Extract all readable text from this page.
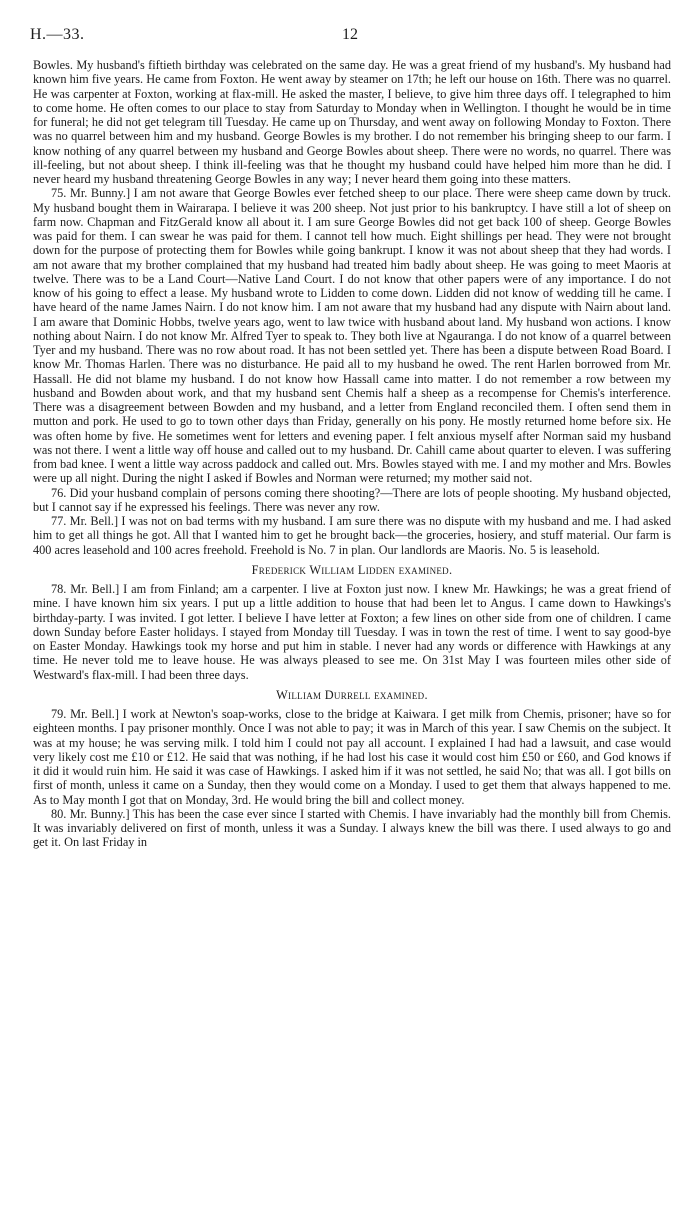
H.—33.	12

Bowles. My husband's fiftieth birthday was celebrated on the same day. He was a great friend of my husband's. My husband had known him five years. He came from Foxton. He went away by steamer on 17th; he left our house on 16th. There was no quarrel. He was carpenter at Foxton, working at flax-mill. He asked the master, I believe, to give him three days off. I telegraphed to him to come home. He often comes to our place to stay from Saturday to Monday when in Wellington. I thought he would be in time for funeral; he did not get telegram till Tuesday. He came up on Thursday, and went away on following Monday to Foxton. There was no quarrel between him and my husband. George Bowles is my brother. I do not remember his bringing sheep to our farm. I know nothing of any quarrel between my husband and George Bowles about sheep. There were no words, no quarrel. There was ill-feeling, but not about sheep. I think ill-feeling was that he thought my husband could have helped him more than he did. I never heard my husband threatening George Bowles in any way; I never heard them going into these matters.

75. Mr. Bunny.] I am not aware that George Bowles ever fetched sheep to our place. There were sheep came down by truck. My husband bought them in Wairarapa. I believe it was 200 sheep. Not just prior to his bankruptcy. I have still a lot of sheep on farm now. Chapman and FitzGerald know all about it. I am sure George Bowles did not get back 100 of sheep. George Bowles was paid for them. I can swear he was paid for them. I cannot tell how much. Eight shillings per head. They were not brought down for the purpose of protecting them for Bowles while going bankrupt. I know it was not about sheep that they had words. I am not aware that my brother complained that my husband had treated him badly about sheep. He was going to meet Maoris at twelve. There was to be a Land Court—Native Land Court. I do not know that other papers were of any importance. I do not know of his going to effect a lease. My husband wrote to Lidden to come down. Lidden did not know of wedding till he came. I have heard of the name James Nairn. I do not know him. I am not aware that my husband had any dispute with Nairn about land. I am aware that Dominic Hobbs, twelve years ago, went to law twice with husband about land. My husband won actions. I know nothing about Nairn. I do not know Mr. Alfred Tyer to speak to. They both live at Ngauranga. I do not know of a quarrel between Tyer and my husband. There was no row about road. It has not been settled yet. There has been a dispute between Road Board. I know Mr. Thomas Harlen. There was no disturbance. He paid all to my husband he owed. The rent Harlen borrowed from Mr. Hassall. He did not blame my husband. I do not know how Hassall came into matter. I do not remember a row between my husband and Bowden about work, and that my husband sent Chemis half a sheep as a recompense for Chemis's interference. There was a disagreement between Bowden and my husband, and a letter from England reconciled them. I often send them in mutton and pork. He used to go to town other days than Friday, generally on his pony. He mostly returned home before six. He was often home by five. He sometimes went for letters and evening paper. I felt anxious myself after Norman said my husband was not there. I went a little way off house and called out to my husband. Dr. Cahill came about quarter to eleven. I was suffering from bad knee. I went a little way across paddock and called out. Mrs. Bowles stayed with me. I and my mother and Mrs. Bowles were up all night. During the night I asked if Bowles and Norman were returned; my mother said not.

76. Did your husband complain of persons coming there shooting?—There are lots of people shooting. My husband objected, but I cannot say if he expressed his feelings. There was never any row.

77. Mr. Bell.] I was not on bad terms with my husband. I am sure there was no dispute with my husband and me. I had asked him to get all things he got. All that I wanted him to get he brought back—the groceries, hosiery, and stuff material. Our farm is 400 acres leasehold and 100 acres freehold. Freehold is No. 7 in plan. Our landlords are Maoris. No. 5 is leasehold.

Frederick William Lidden examined.

78. Mr. Bell.] I am from Finland; am a carpenter. I live at Foxton just now. I knew Mr. Hawkings; he was a great friend of mine. I have known him six years. I put up a little addition to house that had been let to Angus. I came down to Hawkings's birthday-party. I was invited. I got letter. I believe I have letter at Foxton; a few lines on other side from one of children. I came down Sunday before Easter holidays. I stayed from Monday till Tuesday. I was in town the rest of time. I went to say good-bye on Easter Monday. Hawkings took my horse and put him in stable. I never had any words or difference with Hawkings at any time. He never told me to leave house. He was always pleased to see me. On 31st May I was fourteen miles other side of Westward's flax-mill. I had been three days.

William Durrell examined.

79. Mr. Bell.] I work at Newton's soap-works, close to the bridge at Kaiwara. I get milk from Chemis, prisoner; have so for eighteen months. I pay prisoner monthly. Once I was not able to pay; it was in March of this year. I saw Chemis on the subject. It was at my house; he was serving milk. I told him I could not pay all account. I explained I had had a lawsuit, and case would very likely cost me £10 or £12. He said that was nothing, if he had lost his case it would cost him £50 or £60, and God knows if it did it would ruin him. He said it was case of Hawkings. I asked him if it was not settled, he said No; that was all. I got bills on first of month, unless it came on a Sunday, then they would come on a Monday. I used to get them that always happened to me. As to May month I got that on Monday, 3rd. He would bring the bill and collect money.

80. Mr. Bunny.] This has been the case ever since I started with Chemis. I have invariably had the monthly bill from Chemis. It was invariably delivered on first of month, unless it was a Sunday. I always knew the bill was there. I used always to go and get it. On last Friday in
